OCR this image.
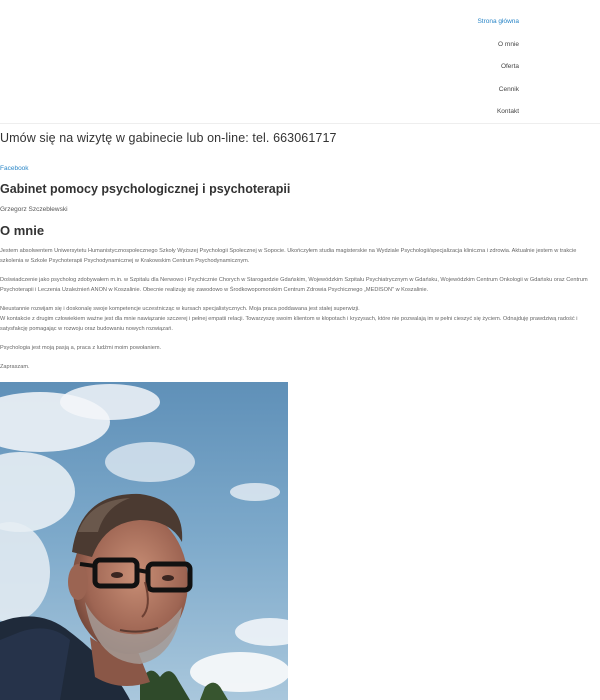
Strona główna
O mnie
Oferta
Cennik
Kontakt
Umów się na wizytę w gabinecie lub on-line: tel. 663061717
Facebook
Gabinet pomocy psychologicznej i psychoterapii
Grzegorz Szczeblewski
O mnie

Jestem absolwentem Uniwersytetu Humanistycznospołecznego Szkoły Wyższej Psychologii Społecznej w Sopocie. Ukończyłem studia magisterskie na Wydziale Psychologii/specjalizacja kliniczna i zdrowia. Aktualnie jestem w trakcie szkolenia w Szkole Psychoterapii Psychodynamicznej w Krakowskim Centrum Psychodynamicznym.

Doświadczenie jako psycholog zdobywałem m.in. w Szpitalu dla Nerwowo i Psychicznie Chorych w Starogardzie Gdańskim, Wojewódzkim Szpitalu Psychiatrycznym w Gdańsku, Wojewódzkim Centrum Onkologii w Gdańsku oraz Centrum Psychoterapii i Leczenia Uzależnień ANON w Koszalinie. Obecnie realizuję się zawodowo w Środkowopomorskim Centrum Zdrowia Psychicznego „MEDISON" w Koszalinie.

Nieustannie rozwijam się i doskonalę swoje kompetencje uczestnicząc w kursach specjalistycznych. Moja praca poddawana jest stałej superwizji.
W kontakcie z drugim człowiekiem ważne jest dla mnie nawiązanie szczerej i pełnej empatii relacji. Towarzyszę swoim klientom w kłopotach i kryzysach, które nie pozwalają im w pełni cieszyć się życiem. Odnajduję prawdziwą radość i satysfakcję pomagając w rozwoju oraz budowaniu nowych rozwiązań.

Psychologia jest moją pasją a, praca z ludźmi moim powołaniem.

Zapraszam.
